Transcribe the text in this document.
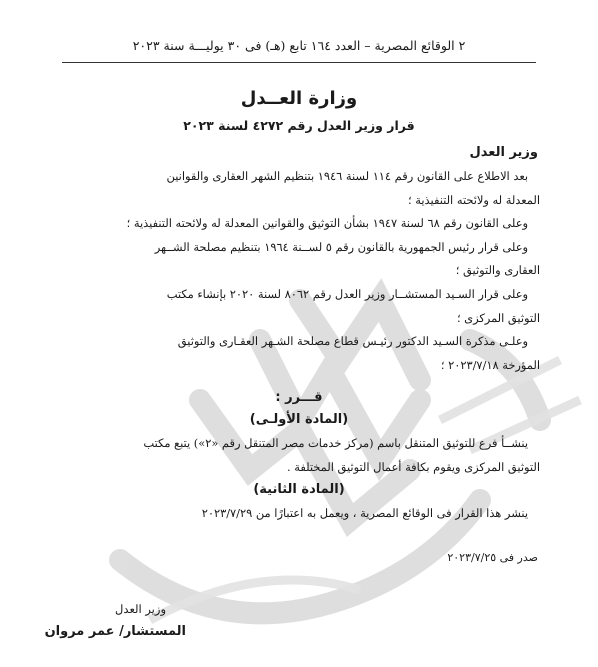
٢ الوقائع المصرية – العدد ١٦٤ تابع (هـ) فى ٣٠ يوليـــة سنة ٢٠٢٣
وزارة العــدل
قرار وزير العدل رقم ٤٢٧٢ لسنة ٢٠٢٣
وزير العدل

بعد الاطلاع على القانون رقم ١١٤ لسنة ١٩٤٦ بتنظيم الشهر العقارى والقوانين

المعدلة له ولائحته التنفيذية ؛

وعلى القانون رقم ٦٨ لسنة ١٩٤٧ بشأن التوثيق والقوانين المعدلة له ولائحته التنفيذية ؛

وعلى قرار رئيس الجمهورية بالقانون رقم ٥ لســنة ١٩٦٤ بتنظيم مصلحة الشــهر

العقارى والتوثيق ؛

وعلى قرار السـيد المستشــار وزير العدل رقم ٨٠٦٢ لسنة ٢٠٢٠ بإنشاء مكتب

التوثيق المركزى ؛

وعلـى مذكرة السـيد الدكتور رئيـس قطاع مصلحة الشـهر العقـارى والتوثيق

المؤرخة ٢٠٢٣/٧/١٨ ؛

قـــرر :
(المادة الأولـى)

ينشــأ فرع للتوثيق المتنقل باسم (مركز خدمات مصر المتنقل رقم «٢») يتبع مكتب

التوثيق المركزى ويقوم بكافة أعمال التوثيق المختلفة .

(المادة الثانية)

ينشر هذا القرار فى الوقائع المصرية ، ويعمل به اعتبارًا من ٢٠٢٣/٧/٢٩

صدر فى ٢٠٢٣/٧/٢٥
وزير العدل
المستشار/ عمر مروان
